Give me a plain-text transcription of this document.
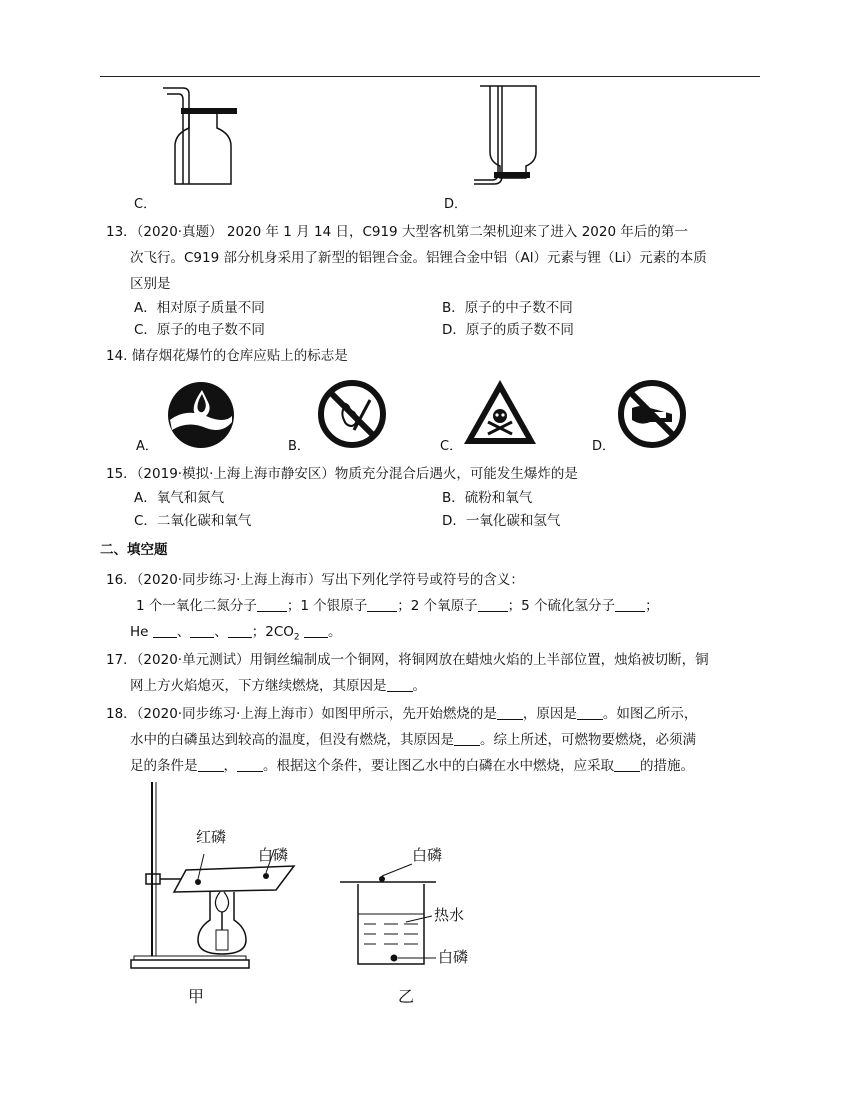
C．	D．
13．（2020·真题） 2020 年 1 月 14 日，C919 大型客机第二架机迎来了进入 2020 年后的第一
次飞行。C919 部分机身采用了新型的铝锂合金。铝锂合金中铝（Al）元素与锂（Li）元素的本质
区别是
A．相对原子质量不同	B．原子的中子数不同
C．原子的电子数不同	D．原子的质子数不同
14. 储存烟花爆竹的仓库应贴上的标志是
A．	B．	C．	D．
15．（2019·模拟·上海上海市静安区）物质充分混合后遇火，可能发生爆炸的是
A．氧气和氮气	B．硫粉和氧气
C．二氧化碳和氧气	D．一氧化碳和氢气
二、填空题
16．（2020·同步练习·上海上海市）写出下列化学符号或符号的含义：
1 个一氧化二氮分子 ；1 个银原子 ；2 个氧原子 ；5 个硫化氢分子 ；
He 、 、 ；$2CO_2$ 。
17．（2020·单元测试）用铜丝编制成一个铜网，将铜网放在蜡烛火焰的上半部位置，烛焰被切断，铜
网上方火焰熄灭，下方继续燃烧，其原因是 。
18．（2020·同步练习·上海上海市）如图甲所示，先开始燃烧的是 ，原因是 。如图乙所示，
水中的白磷虽达到较高的温度，但没有燃烧，其原因是 。综上所述，可燃物要燃烧，必须满
足的条件是 ， 。根据这个条件，要让图乙水中的白磷在水中燃烧，应采取 的措施。
红磷
白磷
甲
白磷
热水
白磷
乙
